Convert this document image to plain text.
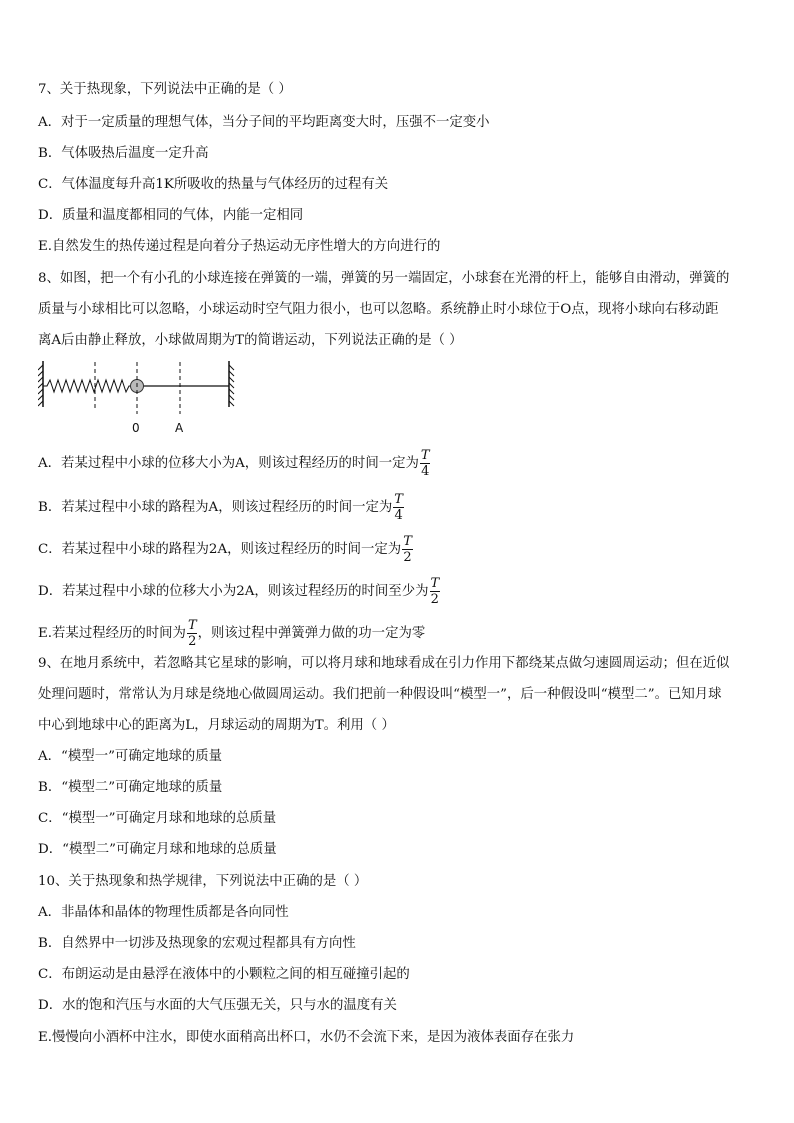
7、关于热现象，下列说法中正确的是（ ）
A．对于一定质量的理想气体，当分子间的平均距离变大时，压强不一定变小
B．气体吸热后温度一定升高
C．气体温度每升高1K所吸收的热量与气体经历的过程有关
D．质量和温度都相同的气体，内能一定相同
E.自然发生的热传递过程是向着分子热运动无序性增大的方向进行的
8、如图，把一个有小孔的小球连接在弹簧的一端，弹簧的另一端固定，小球套在光滑的杆上，能够自由滑动，弹簧的
质量与小球相比可以忽略，小球运动时空气阻力很小，也可以忽略。系统静止时小球位于O点，现将小球向右移动距
离A后由静止释放，小球做周期为T的简谐运动，下列说法正确的是（ ）
0	A
A．若某过程中小球的位移大小为A，则该过程经历的时间一定为 $\frac{T}{4}$
B．若某过程中小球的路程为A，则该过程经历的时间一定为 $\frac{T}{4}$
C．若某过程中小球的路程为2A，则该过程经历的时间一定为 $\frac{T}{2}$
D．若某过程中小球的位移大小为2A，则该过程经历的时间至少为 $\frac{T}{2}$
E.若某过程经历的时间为 $\frac{T}{2}$ ，则该过程中弹簧弹力做的功一定为零
9、在地月系统中，若忽略其它星球的影响，可以将月球和地球看成在引力作用下都绕某点做匀速圆周运动；但在近似
处理问题时，常常认为月球是绕地心做圆周运动。我们把前一种假设叫“模型一”，后一种假设叫“模型二”。已知月球
中心到地球中心的距离为L，月球运动的周期为T。利用（ ）
A．“模型一”可确定地球的质量
B．“模型二”可确定地球的质量
C．“模型一”可确定月球和地球的总质量
D．“模型二”可确定月球和地球的总质量
10、关于热现象和热学规律，下列说法中正确的是（ ）
A．非晶体和晶体的物理性质都是各向同性
B．自然界中一切涉及热现象的宏观过程都具有方向性
C．布朗运动是由悬浮在液体中的小颗粒之间的相互碰撞引起的
D．水的饱和汽压与水面的大气压强无关，只与水的温度有关
E.慢慢向小酒杯中注水，即使水面稍高出杯口，水仍不会流下来，是因为液体表面存在张力
